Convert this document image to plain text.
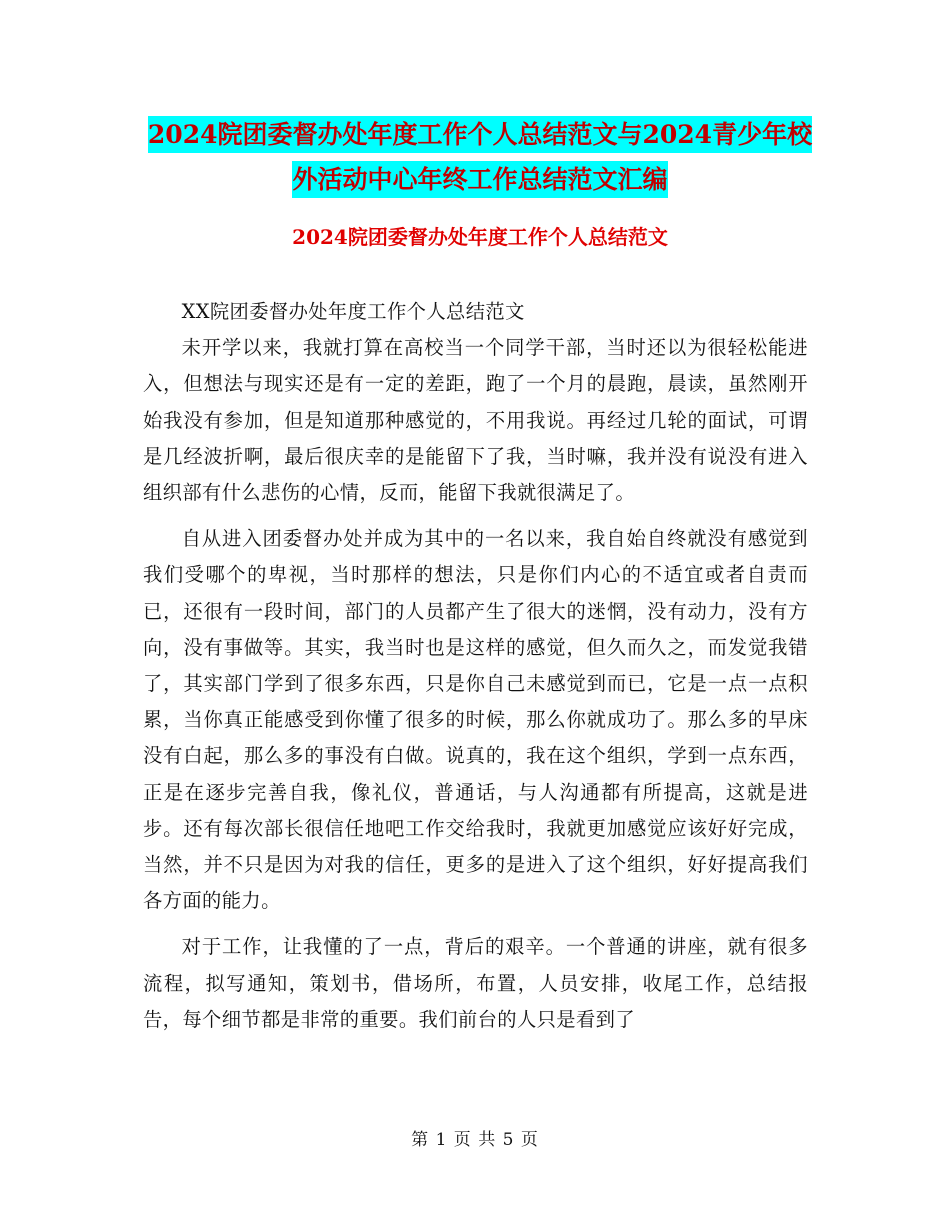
2024院团委督办处年度工作个人总结范文与2024青少年校外活动中心年终工作总结范文汇编
2024院团委督办处年度工作个人总结范文

XX院团委督办处年度工作个人总结范文

未开学以来，我就打算在高校当一个同学干部，当时还以为很轻松能进入，但想法与现实还是有一定的差距，跑了一个月的晨跑，晨读，虽然刚开始我没有参加，但是知道那种感觉的，不用我说。再经过几轮的面试，可谓是几经波折啊，最后很庆幸的是能留下了我，当时嘛，我并没有说没有进入组织部有什么悲伤的心情，反而，能留下我就很满足了。

自从进入团委督办处并成为其中的一名以来，我自始自终就没有感觉到我们受哪个的卑视，当时那样的想法，只是你们内心的不适宜或者自责而已，还很有一段时间，部门的人员都产生了很大的迷惘，没有动力，没有方向，没有事做等。其实，我当时也是这样的感觉，但久而久之，而发觉我错了，其实部门学到了很多东西，只是你自己未感觉到而已，它是一点一点积累，当你真正能感受到你懂了很多的时候，那么你就成功了。那么多的早床没有白起，那么多的事没有白做。说真的，我在这个组织，学到一点东西，正是在逐步完善自我，像礼仪，普通话，与人沟通都有所提高，这就是进步。还有每次部长很信任地吧工作交给我时，我就更加感觉应该好好完成，当然，并不只是因为对我的信任，更多的是进入了这个组织，好好提高我们各方面的能力。

对于工作，让我懂的了一点，背后的艰辛。一个普通的讲座，就有很多流程，拟写通知，策划书，借场所，布置，人员安排，收尾工作，总结报告，每个细节都是非常的重要。我们前台的人只是看到了

第 1 页 共 5 页
